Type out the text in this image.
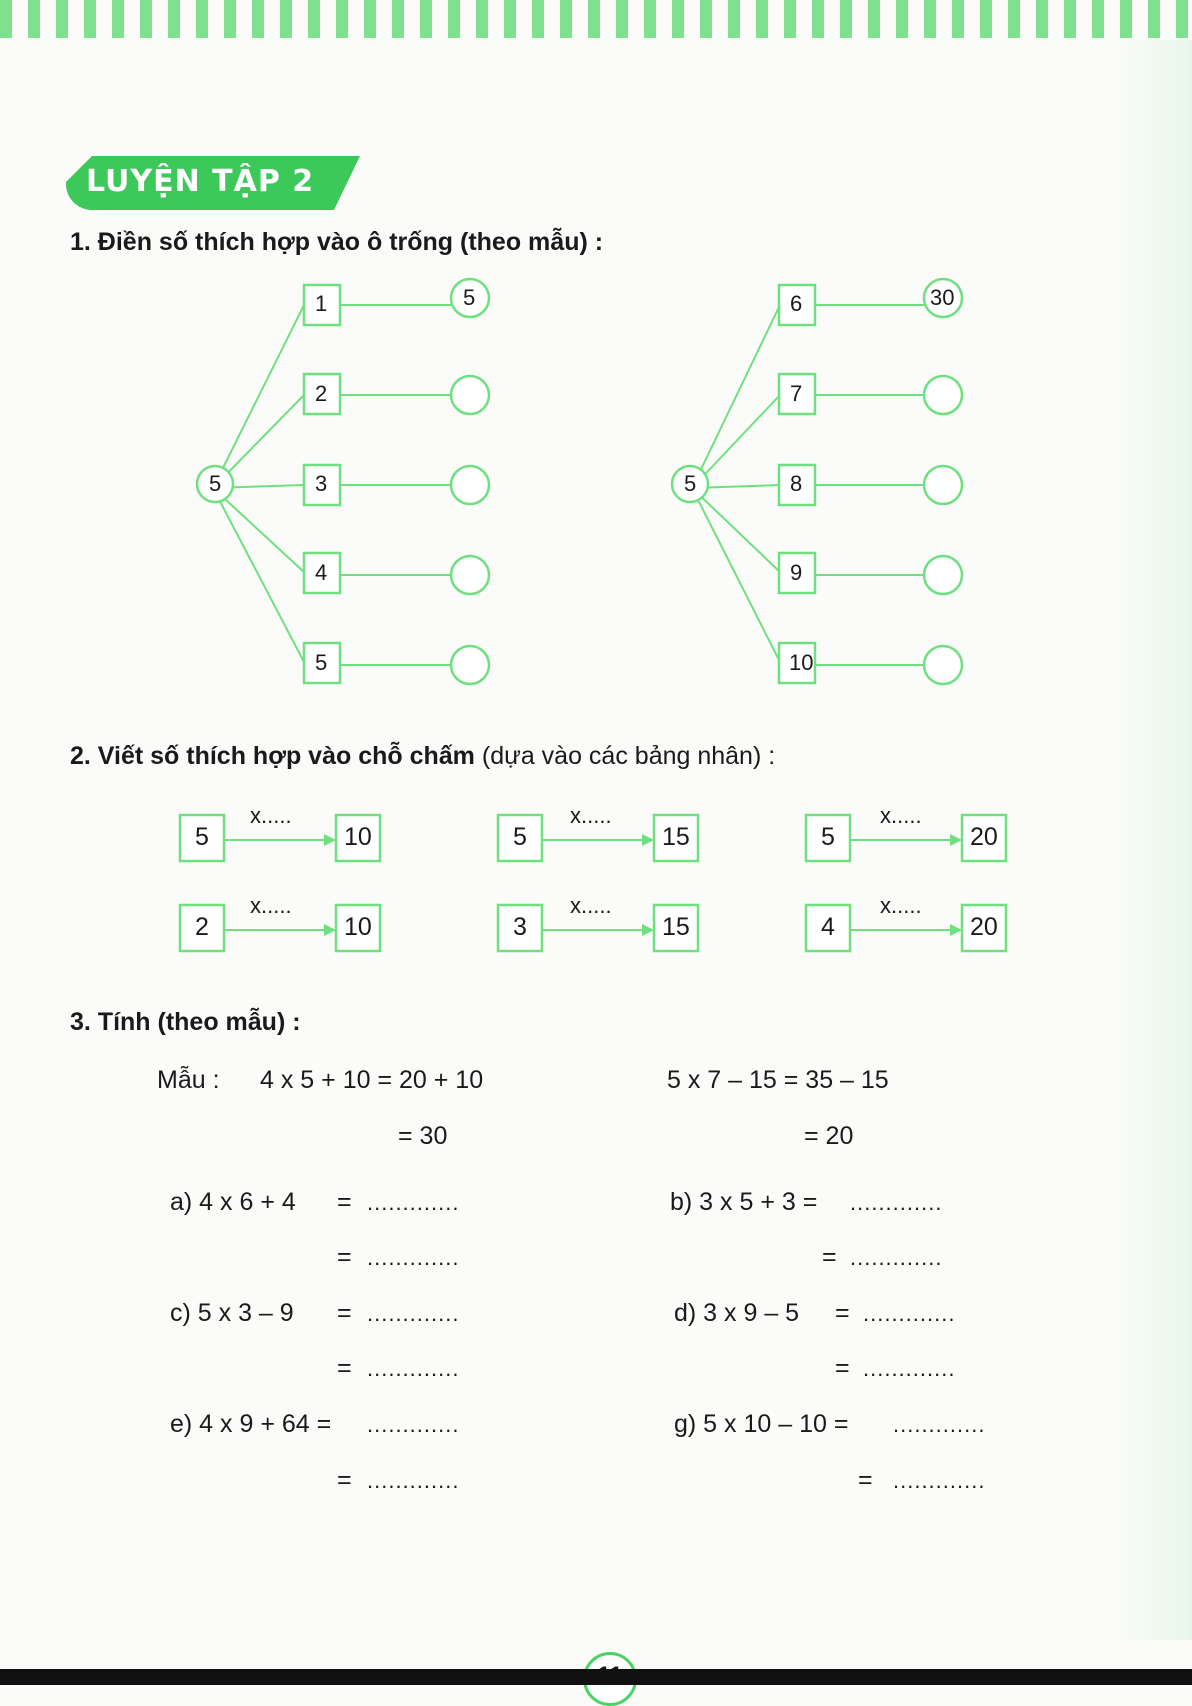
LUYỆN TẬP 2
1. Điền số thích hợp vào ô trống (theo mẫu) :
5	5
1
2
3
4
5
5	6
7
8
9
10
30
2. Viết số thích hợp vào chỗ chấm (dựa vào các bảng nhân) :
5
x.....
10	5
x.....
15	5
x.....
20
2
x.....
10	3
x.....
15	4
x.....
20
3. Tính (theo mẫu) :
Mẫu : 4 x 5 + 10 = 20 + 10
= 30
5 x 7 – 15 = 35 – 15
= 20
a) 4 x 6 + 4 = .............
= .............
b) 3 x 5 + 3 = .............
= .............
c) 5 x 3 – 9 = .............
= .............
d) 3 x 9 – 5 = .............
= .............
e) 4 x 9 + 64 = .............
= .............
g) 5 x 10 – 10 = .............
= .............
